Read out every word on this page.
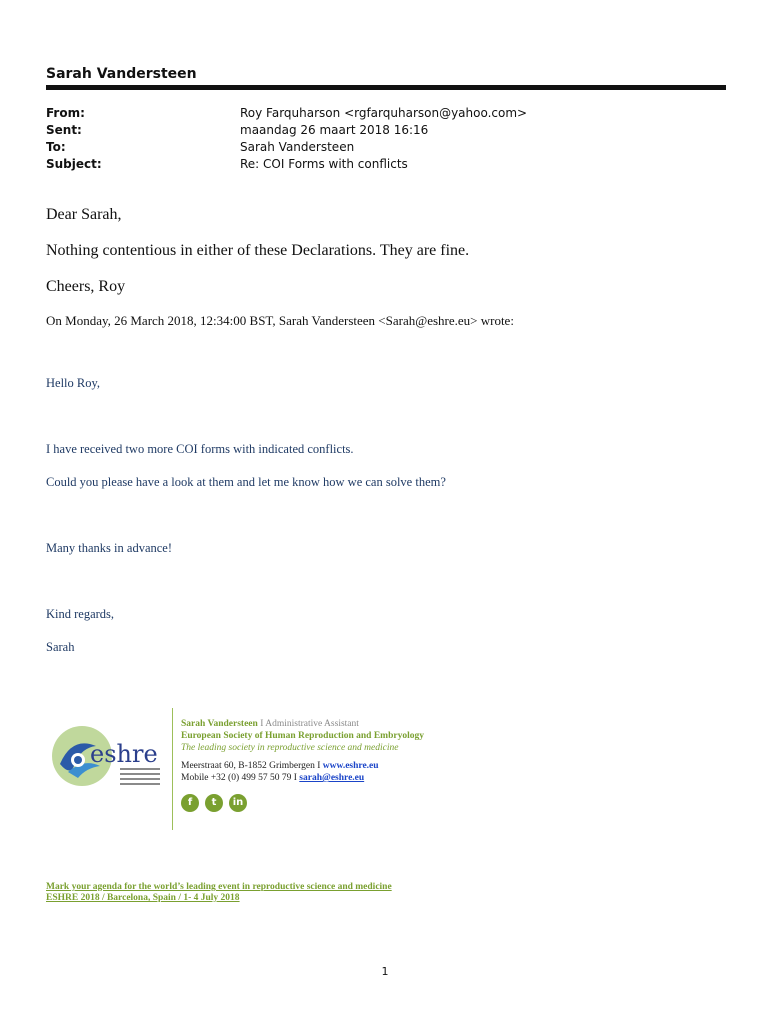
Sarah Vandersteen
From:	Roy Farquharson <rgfarquharson@yahoo.com>
Sent:	maandag 26 maart 2018 16:16
To:	Sarah Vandersteen
Subject:	Re: COI Forms with conflicts
Dear Sarah,
Nothing contentious in either of these Declarations. They are fine.
Cheers, Roy
On Monday, 26 March 2018, 12:34:00 BST, Sarah Vandersteen <Sarah@eshre.eu> wrote:
Hello Roy,
I have received two more COI forms with indicated conflicts.
Could you please have a look at them and let me know how we can solve them?
Many thanks in advance!
Kind regards,
Sarah
eshre
Sarah Vandersteen I Administrative Assistant
European Society of Human Reproduction and Embryology
The leading society in reproductive science and medicine
Meerstraat 60, B-1852 Grimbergen I www.eshre.eu
Mobile +32 (0) 499 57 50 79 I sarah@eshre.eu
f t in
Mark your agenda for the world’s leading event in reproductive science and medicine
ESHRE 2018 / Barcelona, Spain / 1- 4 July 2018
1
